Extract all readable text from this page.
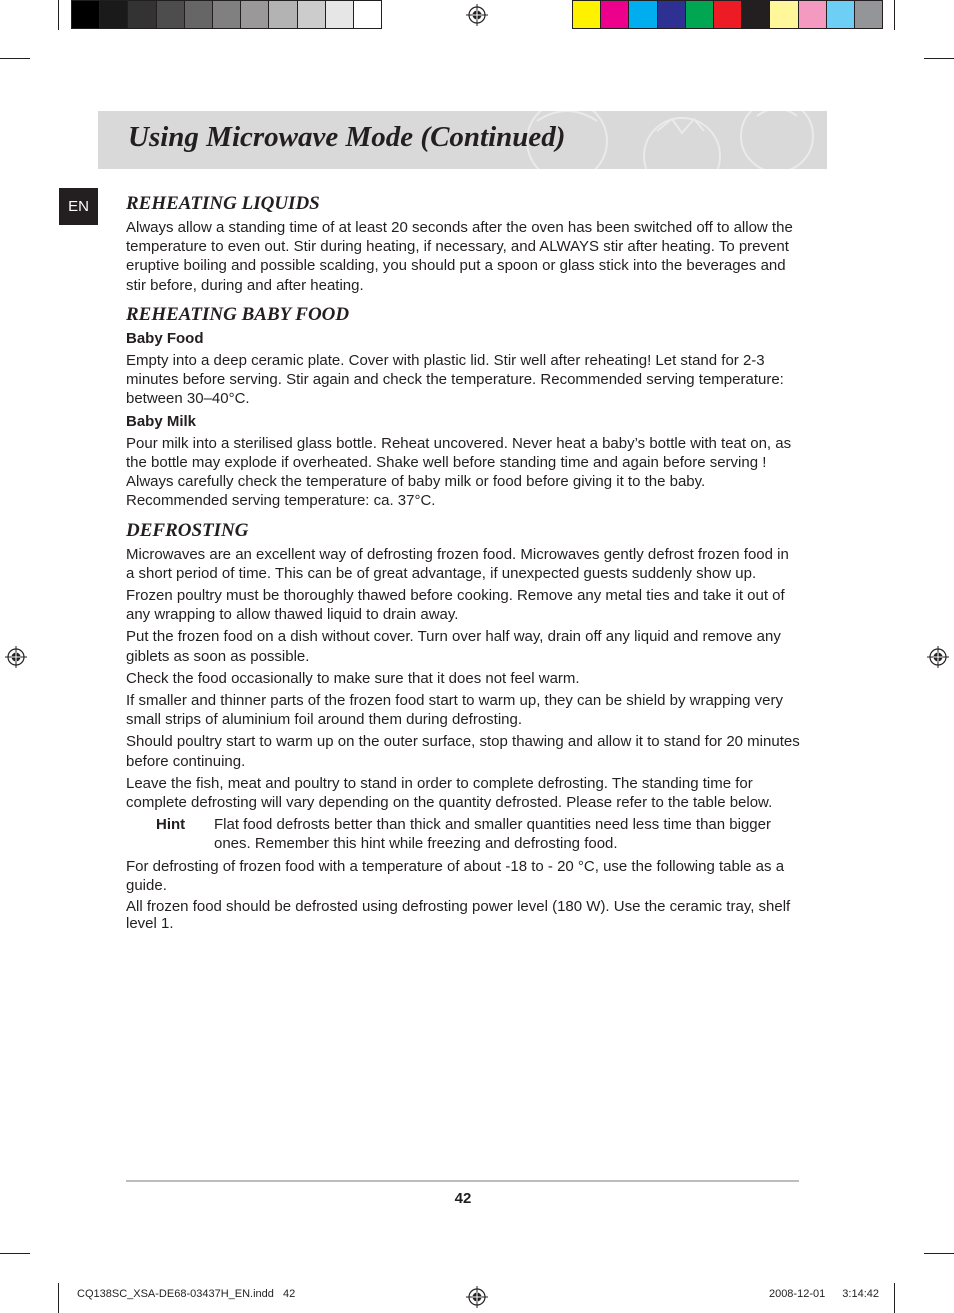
Using Microwave Mode (Continued)
EN	REHEATING LIQUIDS

Always allow a standing time of at least 20 seconds after the oven has been switched off to allow the temperature to even out. Stir during heating, if necessary, and ALWAYS stir after heating. To prevent eruptive boiling and possible scalding, you should put a spoon or glass stick into the beverages and stir before, during and after heating.

REHEATING BABY FOOD
Baby Food

Empty into a deep ceramic plate. Cover with plastic lid. Stir well after reheating! Let stand for 2-3 minutes before serving. Stir again and check the temperature. Recommended serving temperature: between 30–40°C.

Baby Milk

Pour milk into a sterilised glass bottle. Reheat uncovered. Never heat a baby’s bottle with teat on, as the bottle may explode if overheated. Shake well before standing time and again before serving ! Always carefully check the temperature of baby milk or food before giving it to the baby. Recommended serving temperature: ca. 37°C.

DEFROSTING

Microwaves are an excellent way of defrosting frozen food. Microwaves gently defrost frozen food in a short period of time. This can be of great advantage, if unexpected guests suddenly show up.

Frozen poultry must be thoroughly thawed before cooking. Remove any metal ties and take it out of any wrapping to allow thawed liquid to drain away.

Put the frozen food on a dish without cover. Turn over half way, drain off any liquid and remove any giblets as soon as possible.

Check the food occasionally to make sure that it does not feel warm.

If smaller and thinner parts of the frozen food start to warm up, they can be shield by wrapping very small strips of aluminium foil around them during defrosting.

Should poultry start to warm up on the outer surface, stop thawing and allow it to stand for 20 minutes before continuing.

Leave the fish, meat and poultry to stand in order to complete defrosting. The standing time for complete defrosting will vary depending on the quantity defrosted. Please refer to the table below.

Hint	Flat food defrosts better than thick and smaller quantities need less time than bigger ones. Remember this hint while freezing and defrosting food.

For defrosting of frozen food with a temperature of about -18 to - 20 °C, use the following table as a guide.

All frozen food should be defrosted using defrosting power level (180 W). Use the ceramic tray, shelf level 1.

42
CQ138SC_XSA-DE68-03437H_EN.indd   42	2008-12-01 3:14:42
